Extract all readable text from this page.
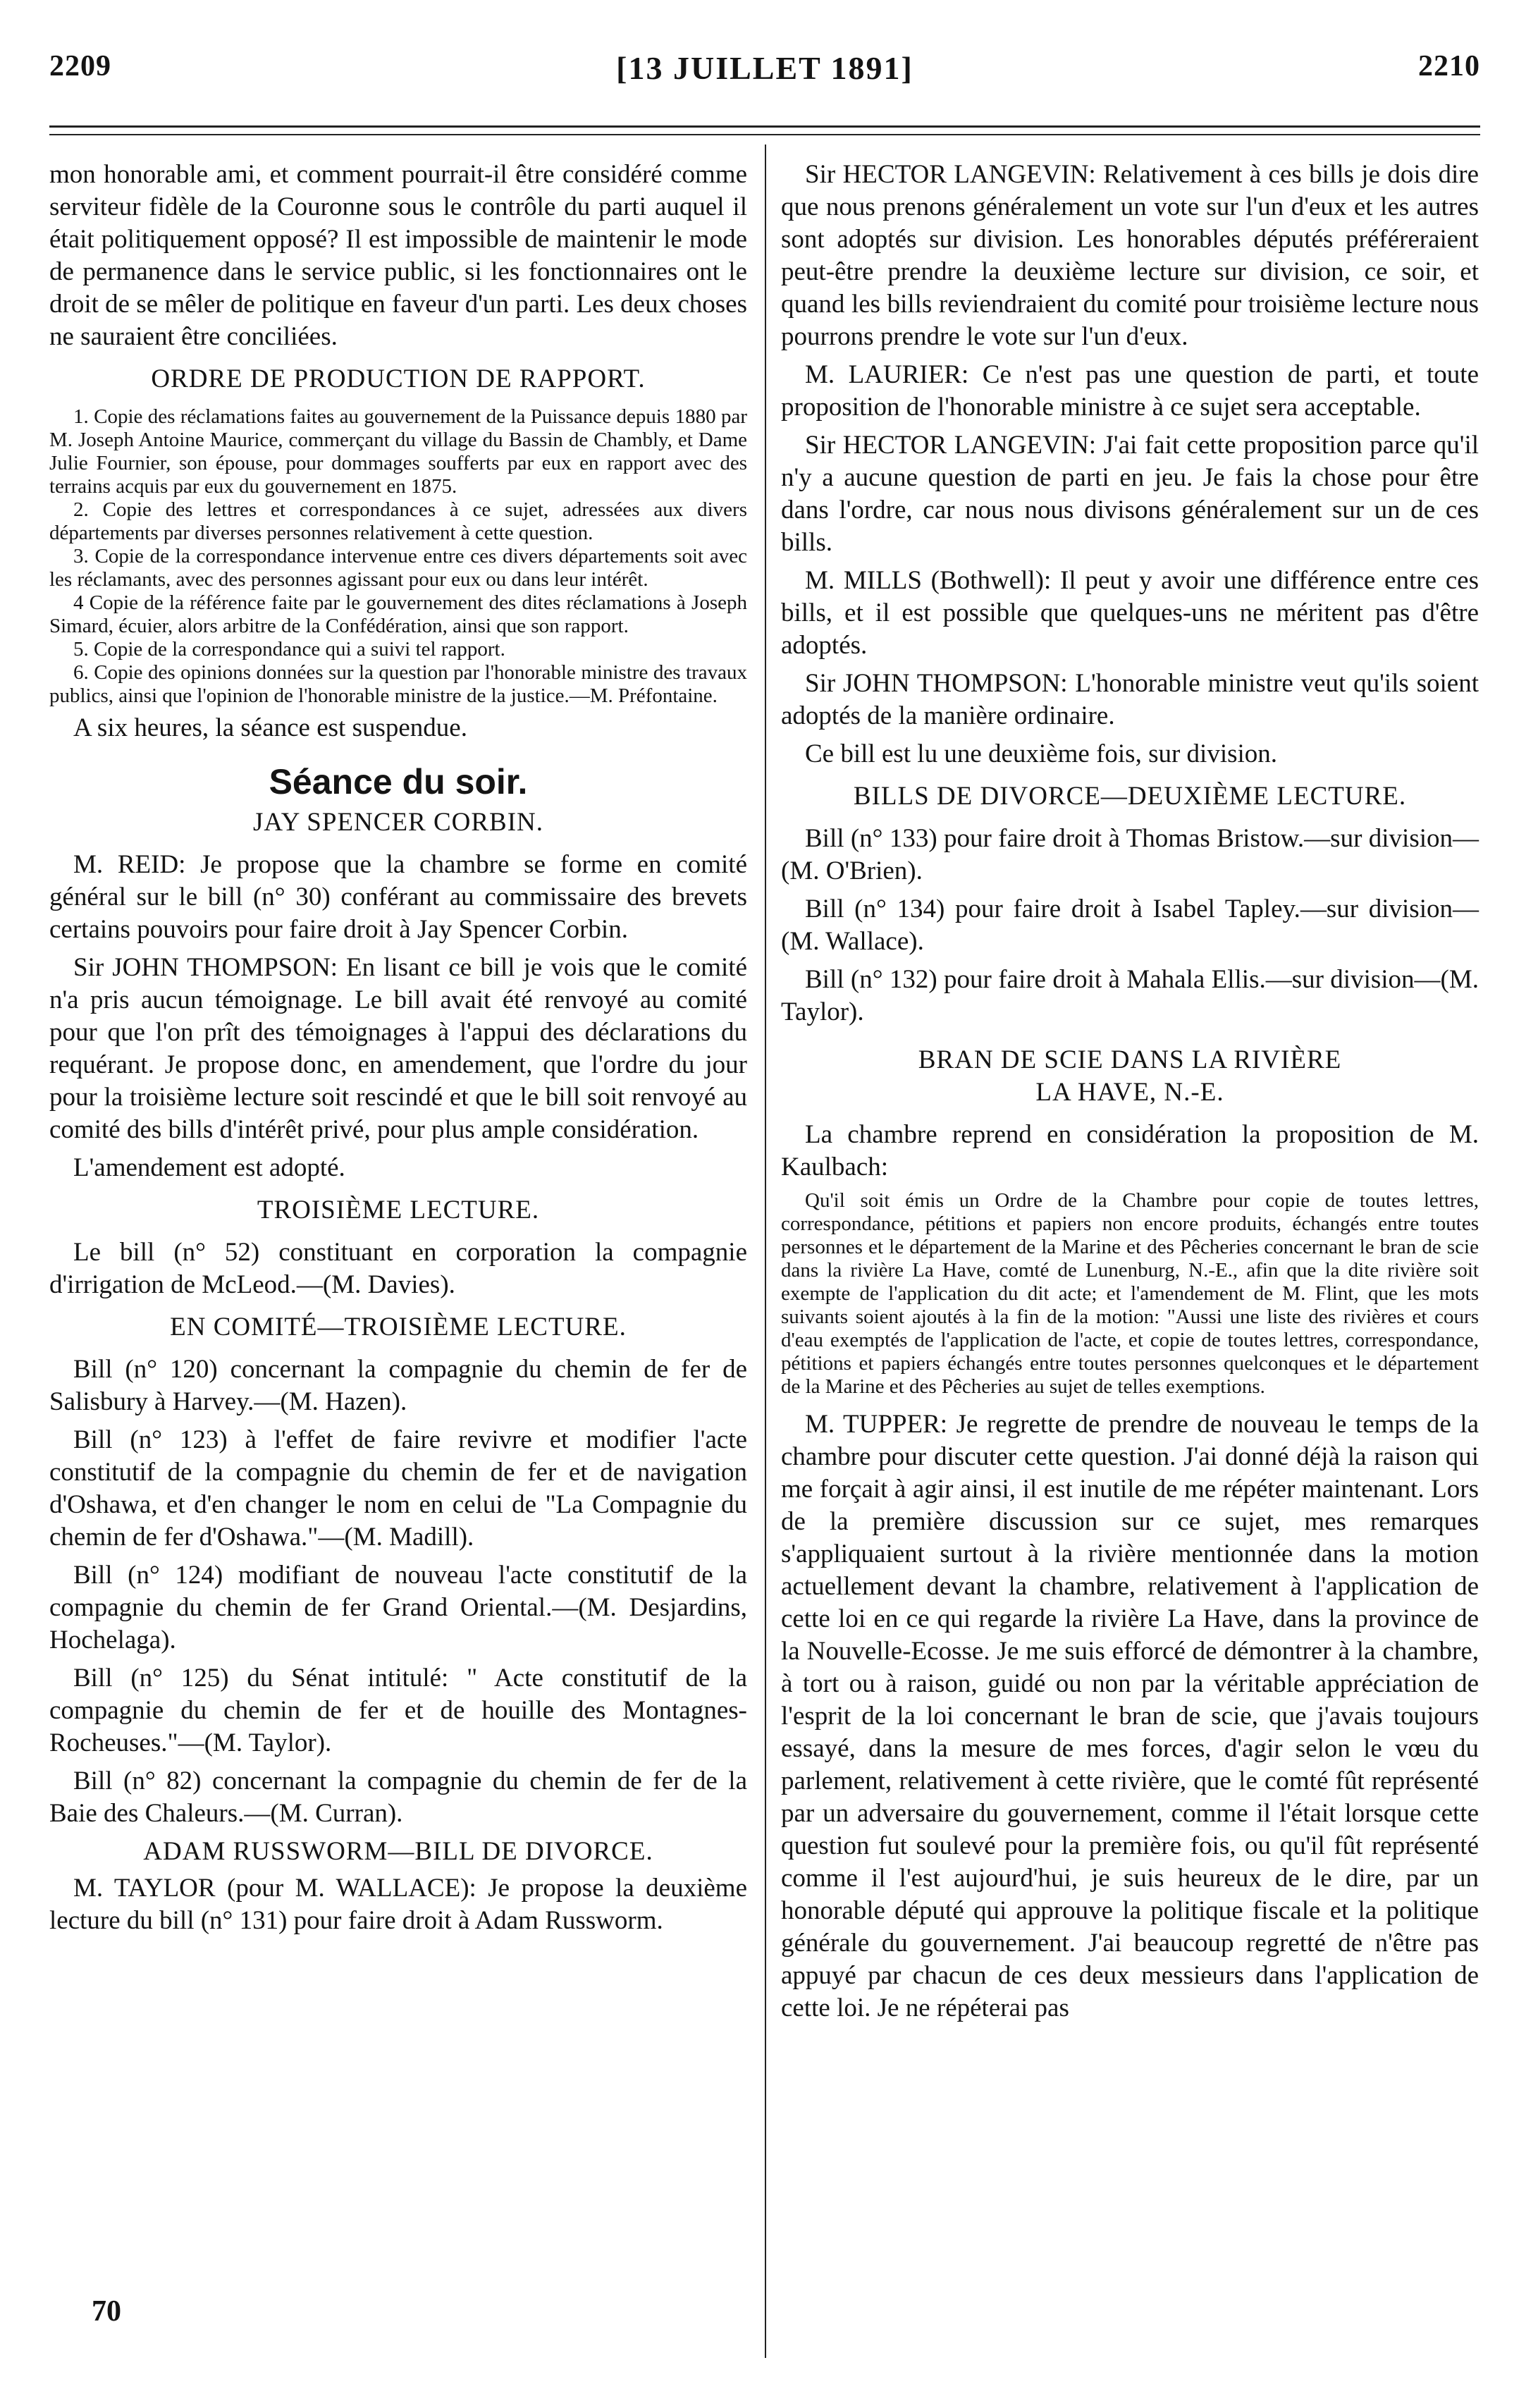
2209	[13 JUILLET 1891]	2210

mon honorable ami, et comment pourrait-il être considéré comme serviteur fidèle de la Couronne sous le contrôle du parti auquel il était politiquement opposé? Il est impossible de maintenir le mode de permanence dans le service public, si les fonctionnaires ont le droit de se mêler de politique en faveur d'un parti. Les deux choses ne sauraient être conciliées.

ORDRE DE PRODUCTION DE RAPPORT.

1. Copie des réclamations faites au gouvernement de la Puissance depuis 1880 par M. Joseph Antoine Maurice, commerçant du village du Bassin de Chambly, et Dame Julie Fournier, son épouse, pour dommages soufferts par eux en rapport avec des terrains acquis par eux du gouvernement en 1875.

2. Copie des lettres et correspondances à ce sujet, adressées aux divers départements par diverses personnes relativement à cette question.

3. Copie de la correspondance intervenue entre ces divers départements soit avec les réclamants, avec des personnes agissant pour eux ou dans leur intérêt.

4 Copie de la référence faite par le gouvernement des dites réclamations à Joseph Simard, écuier, alors arbitre de la Confédération, ainsi que son rapport.

5. Copie de la correspondance qui a suivi tel rapport.

6. Copie des opinions données sur la question par l'honorable ministre des travaux publics, ainsi que l'opinion de l'honorable ministre de la justice.—M. Préfontaine.

A six heures, la séance est suspendue.

Séance du soir.
JAY SPENCER CORBIN.

M. REID: Je propose que la chambre se forme en comité général sur le bill (n° 30) conférant au commissaire des brevets certains pouvoirs pour faire droit à Jay Spencer Corbin.

Sir JOHN THOMPSON: En lisant ce bill je vois que le comité n'a pris aucun témoignage. Le bill avait été renvoyé au comité pour que l'on prît des témoignages à l'appui des déclarations du requérant. Je propose donc, en amendement, que l'ordre du jour pour la troisième lecture soit rescindé et que le bill soit renvoyé au comité des bills d'intérêt privé, pour plus ample considération.

L'amendement est adopté.

TROISIÈME LECTURE.

Le bill (n° 52) constituant en corporation la compagnie d'irrigation de McLeod.—(M. Davies).

EN COMITÉ—TROISIÈME LECTURE.

Bill (n° 120) concernant la compagnie du chemin de fer de Salisbury à Harvey.—(M. Hazen).

Bill (n° 123) à l'effet de faire revivre et modifier l'acte constitutif de la compagnie du chemin de fer et de navigation d'Oshawa, et d'en changer le nom en celui de "La Compagnie du chemin de fer d'Oshawa."—(M. Madill).

Bill (n° 124) modifiant de nouveau l'acte constitutif de la compagnie du chemin de fer Grand Oriental.—(M. Desjardins, Hochelaga).

Bill (n° 125) du Sénat intitulé: " Acte constitutif de la compagnie du chemin de fer et de houille des Montagnes-Rocheuses."—(M. Taylor).

Bill (n° 82) concernant la compagnie du chemin de fer de la Baie des Chaleurs.—(M. Curran).

ADAM RUSSWORM—BILL DE DIVORCE.

M. TAYLOR (pour M. WALLACE): Je propose la deuxième lecture du bill (n° 131) pour faire droit à Adam Russworm.

Sir HECTOR LANGEVIN: Relativement à ces bills je dois dire que nous prenons généralement un vote sur l'un d'eux et les autres sont adoptés sur division. Les honorables députés préféreraient peut-être prendre la deuxième lecture sur division, ce soir, et quand les bills reviendraient du comité pour troisième lecture nous pourrons prendre le vote sur l'un d'eux.

M. LAURIER: Ce n'est pas une question de parti, et toute proposition de l'honorable ministre à ce sujet sera acceptable.

Sir HECTOR LANGEVIN: J'ai fait cette proposition parce qu'il n'y a aucune question de parti en jeu. Je fais la chose pour être dans l'ordre, car nous nous divisons généralement sur un de ces bills.

M. MILLS (Bothwell): Il peut y avoir une différence entre ces bills, et il est possible que quelques-uns ne méritent pas d'être adoptés.

Sir JOHN THOMPSON: L'honorable ministre veut qu'ils soient adoptés de la manière ordinaire.

Ce bill est lu une deuxième fois, sur division.

BILLS DE DIVORCE—DEUXIÈME LECTURE.

Bill (n° 133) pour faire droit à Thomas Bristow.—sur division—(M. O'Brien).

Bill (n° 134) pour faire droit à Isabel Tapley.—sur division—(M. Wallace).

Bill (n° 132) pour faire droit à Mahala Ellis.—sur division—(M. Taylor).

BRAN DE SCIE DANS LA RIVIÈRE
LA HAVE, N.-E.

La chambre reprend en considération la proposition de M. Kaulbach:

Qu'il soit émis un Ordre de la Chambre pour copie de toutes lettres, correspondance, pétitions et papiers non encore produits, échangés entre toutes personnes et le département de la Marine et des Pêcheries concernant le bran de scie dans la rivière La Have, comté de Lunenburg, N.-E., afin que la dite rivière soit exempte de l'application du dit acte; et l'amendement de M. Flint, que les mots suivants soient ajoutés à la fin de la motion: "Aussi une liste des rivières et cours d'eau exemptés de l'application de l'acte, et copie de toutes lettres, correspondance, pétitions et papiers échangés entre toutes personnes quelconques et le département de la Marine et des Pêcheries au sujet de telles exemptions.

M. TUPPER: Je regrette de prendre de nouveau le temps de la chambre pour discuter cette question. J'ai donné déjà la raison qui me forçait à agir ainsi, il est inutile de me répéter maintenant. Lors de la première discussion sur ce sujet, mes remarques s'appliquaient surtout à la rivière mentionnée dans la motion actuellement devant la chambre, relativement à l'application de cette loi en ce qui regarde la rivière La Have, dans la province de la Nouvelle-Ecosse. Je me suis efforcé de démontrer à la chambre, à tort ou à raison, guidé ou non par la véritable appréciation de l'esprit de la loi concernant le bran de scie, que j'avais toujours essayé, dans la mesure de mes forces, d'agir selon le vœu du parlement, relativement à cette rivière, que le comté fût représenté par un adversaire du gouvernement, comme il l'était lorsque cette question fut soulevé pour la première fois, ou qu'il fût représenté comme il l'est aujourd'hui, je suis heureux de le dire, par un honorable député qui approuve la politique fiscale et la politique générale du gouvernement. J'ai beaucoup regretté de n'être pas appuyé par chacun de ces deux messieurs dans l'application de cette loi. Je ne répéterai pas

70
